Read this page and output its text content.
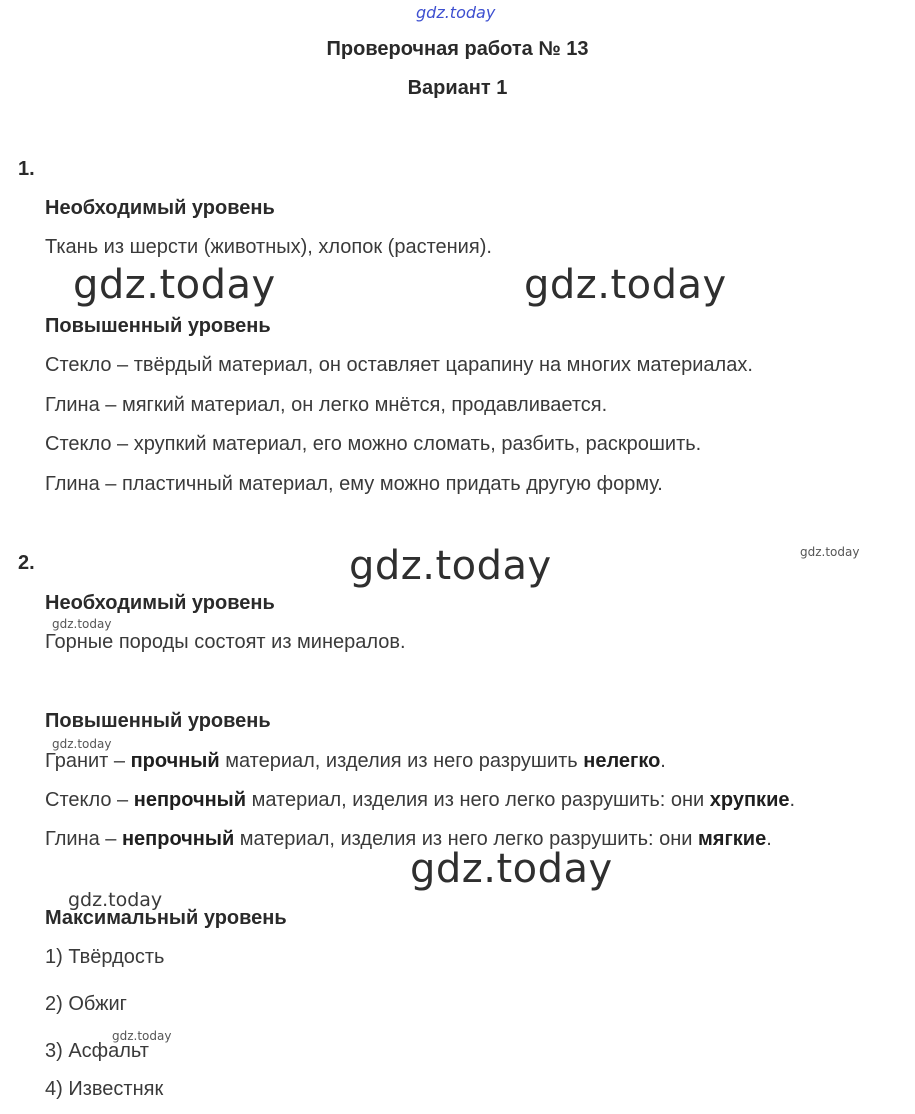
gdz.today
Проверочная работа № 13
Вариант 1
1.
Необходимый уровень
Ткань из шерсти (животных), хлопок (растения).
gdz.today	gdz.today
Повышенный уровень
Стекло – твёрдый материал, он оставляет царапину на многих материалах.
Глина – мягкий материал, он легко мнётся, продавливается.
Стекло – хрупкий материал, его можно сломать, разбить, раскрошить.
Глина – пластичный материал, ему можно придать другую форму.
2.	gdz.today	gdz.today
Необходимый уровень
gdz.today
Горные породы состоят из минералов.
Повышенный уровень
gdz.today
Гранит – прочный материал, изделия из него разрушить нелегко.
Стекло – непрочный материал, изделия из него легко разрушить: они хрупкие.
Глина – непрочный материал, изделия из него легко разрушить: они мягкие.
gdz.today
gdz.today
Максимальный уровень
1) Твёрдость
2) Обжиг
gdz.today
3) Асфальт
4) Известняк
